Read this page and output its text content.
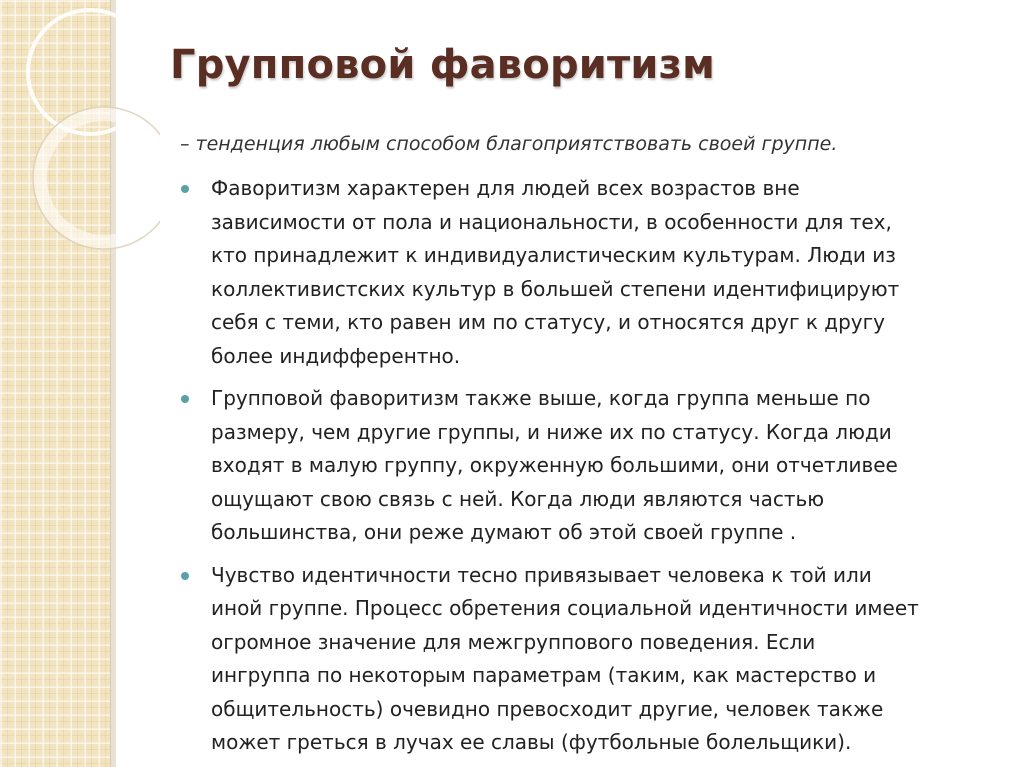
Групповой фаворитизм

– тенденция любым способом благоприятствовать своей группе.

Фаворитизм характерен для людей всех возрастов вне
зависимости от пола и национальности, в особенности для тех,
кто принадлежит к индивидуалистическим культурам. Люди из
коллективистских культур в большей степени идентифицируют
себя с теми, кто равен им по статусу, и относятся друг к другу
более индифферентно.
Групповой фаворитизм также выше, когда группа меньше по
размеру, чем другие группы, и ниже их по статусу. Когда люди
входят в малую группу, окруженную большими, они отчетливее
ощущают свою связь с ней. Когда люди являются частью
большинства, они реже думают об этой своей группе .
Чувство идентичности тесно привязывает человека к той или
иной группе. Процесс обретения социальной идентичности имеет
огромное значение для межгруппового поведения. Если
ингруппа по некоторым параметрам (таким, как мастерство и
общительность) очевидно превосходит другие, человек также
может греться в лучах ее славы (футбольные болельщики).
